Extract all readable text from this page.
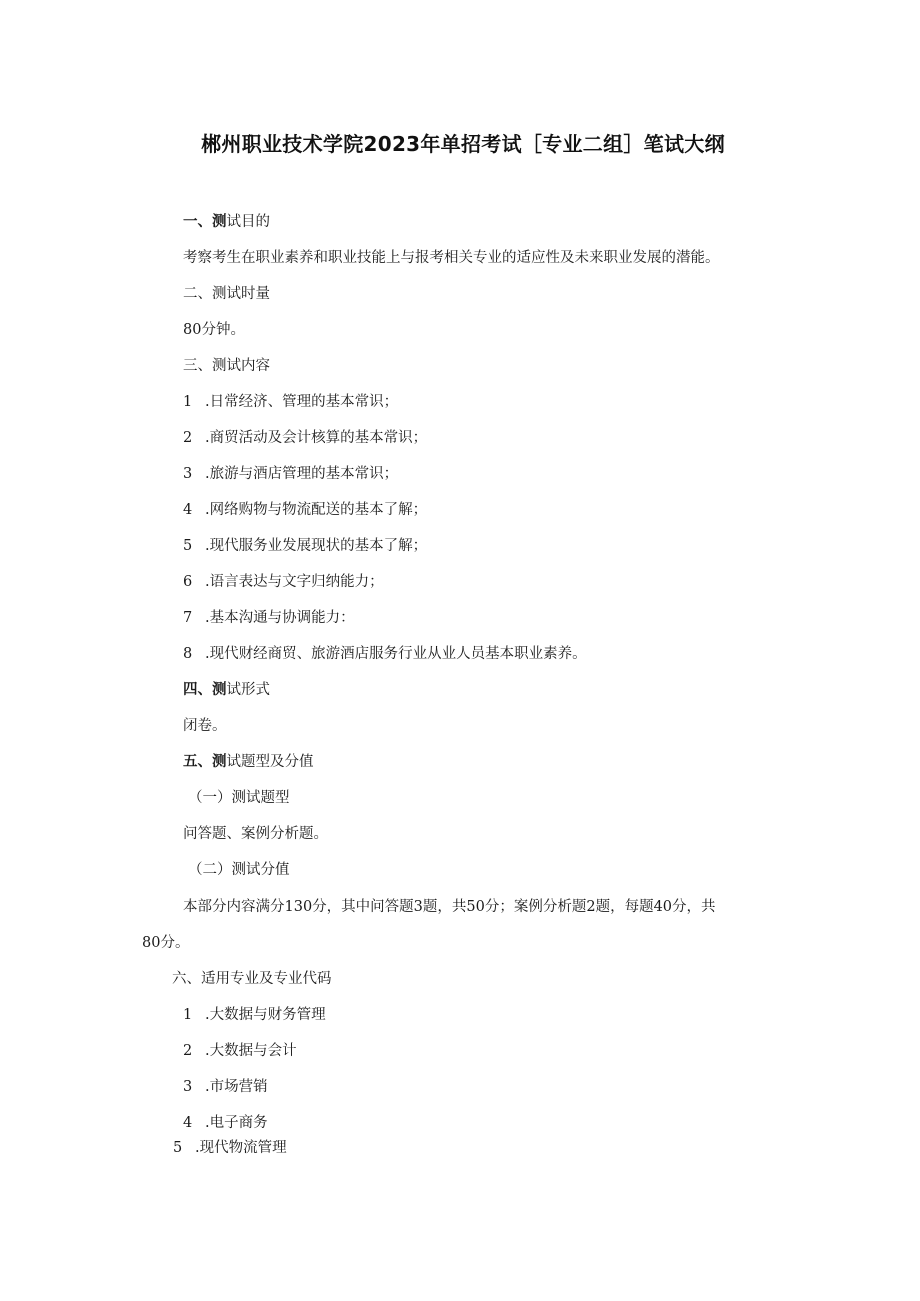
郴州职业技术学院2023年单招考试［专业二组］笔试大纲
一、测试目的
考察考生在职业素养和职业技能上与报考相关专业的适应性及未来职业发展的潜能。
二、测试时量
80分钟。
三、测试内容
1 .日常经济、管理的基本常识；
2 .商贸活动及会计核算的基本常识；
3 .旅游与酒店管理的基本常识；
4 .网络购物与物流配送的基本了解；
5 .现代服务业发展现状的基本了解；
6 .语言表达与文字归纳能力；
7 .基本沟通与协调能力：
8 .现代财经商贸、旅游酒店服务行业从业人员基本职业素养。
四、测试形式
闭卷。
五、测试题型及分值
（一）测试题型
问答题、案例分析题。
（二）测试分值
本部分内容满分130分，其中问答题3题，共50分；案例分析题2题，每题40分，共
80分。
六、适用专业及专业代码
1 .大数据与财务管理
2 .大数据与会计
3 .市场营销
4 .电子商务
5 .现代物流管理
